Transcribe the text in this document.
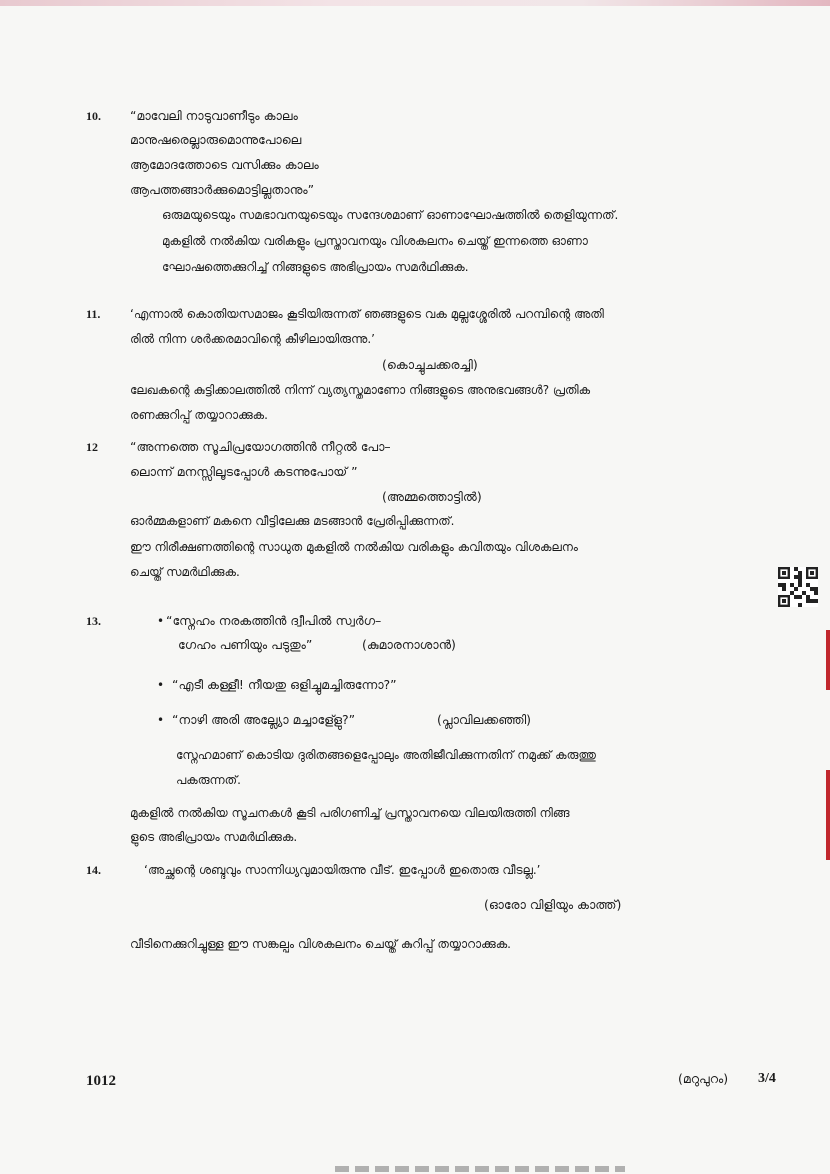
10. “മാവേലി നാടുവാണീടും കാലം
മാനുഷരെല്ലാരുമൊന്നുപോലെ
ആമോദത്തോടെ വസിക്കും കാലം
ആപത്തങ്ങാർക്കുമൊട്ടില്ലതാനും”
ഒരുമയുടെയും സമഭാവനയുടെയും സന്ദേശമാണ് ഓണാഘോഷത്തിൽ തെളിയുന്നത്.
മുകളിൽ നൽകിയ വരികളും പ്രസ്താവനയും വിശകലനം ചെയ്ത് ഇന്നത്തെ ഓണാ
ഘോഷത്തെക്കുറിച്ച് നിങ്ങളുടെ അഭിപ്രായം സമർഥിക്കുക.
11. ‘എന്നാൽ കൊതിയസമാജം കൂടിയിരുന്നത് ഞങ്ങളുടെ വക മുല്ലശ്ശേരിൽ പറമ്പിന്റെ അതി
രിൽ നിന്ന ശർക്കരമാവിന്റെ കീഴിലായിരുന്നു.’
(കൊച്ചുചക്കരച്ചി)
ലേഖകന്റെ കുട്ടിക്കാലത്തിൽ നിന്ന് വ്യത്യസ്തമാണോ നിങ്ങളുടെ അനുഭവങ്ങൾ? പ്രതിക
രണക്കുറിപ്പ് തയ്യാറാക്കുക.
12	“അന്നത്തെ സൂചിപ്രയോഗത്തിൻ നീറ്റൽ പോ–
ലൊന്ന് മനസ്സിലൂടപ്പോൾ കടന്നുപോയ് ”
(അമ്മത്തൊട്ടിൽ)
ഓർമ്മകളാണ് മകനെ വീട്ടിലേക്കു മടങ്ങാൻ പ്രേരിപ്പിക്കുന്നത്.
ഈ നിരീക്ഷണത്തിന്റെ സാധുത മുകളിൽ നൽകിയ വരികളും കവിതയും വിശകലനം
ചെയ്ത് സമർഥിക്കുക.
13.	• “സ്നേഹം നരകത്തിൻ ദ്വീപിൽ സ്വർഗ–
ഗേഹം പണിയും പടുതും”	(കുമാരനാശാൻ)
• “എടീ കള്ളീ! നീയതു ഒളിച്ചുമച്ചിരുന്നോ?”
• “നാഴി അരി അല്ല്യോ മച്ചാളേ്ളു?”	(പ്ലാവിലക്കഞ്ഞി)
സ്നേഹമാണ് കൊടിയ ദുരിതങ്ങളെപ്പോലും അതിജീവിക്കുന്നതിന് നമുക്ക് കരുത്തു
പകരുന്നത്.
മുകളിൽ നൽകിയ സൂചനകൾ കൂടി പരിഗണിച്ച് പ്രസ്താവനയെ വിലയിരുത്തി നിങ്ങ
ളുടെ അഭിപ്രായം സമർഥിക്കുക.
14.	‘അച്ഛന്റെ ശബ്ദവും സാന്നിധ്യവുമായിരുന്നു വീട്. ഇപ്പോൾ ഇതൊരു വീടല്ല.’
(ഓരോ വിളിയും കാത്ത്)
വീടിനെക്കുറിച്ചുള്ള ഈ സങ്കല്പം വിശകലനം ചെയ്ത് കുറിപ്പ് തയ്യാറാക്കുക.
1012	(മറുപുറം) 3/4
